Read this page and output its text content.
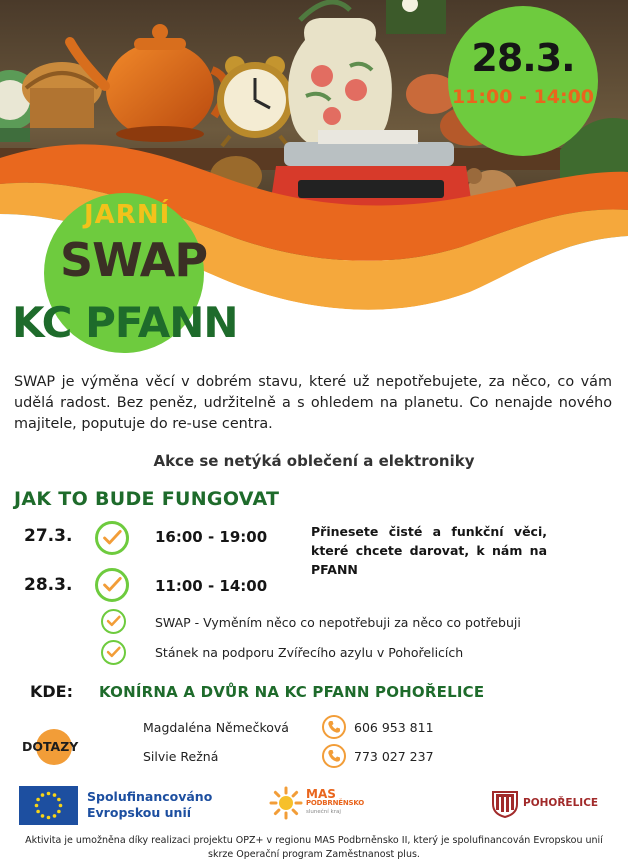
28.3.
11:00 - 14:00
JARNÍ
SWAP
KC PFANN

SWAP je výměna věcí v dobrém stavu, které už nepotřebujete, za něco, co vám udělá radost. Bez peněz, udržitelně a s ohledem na planetu. Co nenajde nového majitele, poputuje do re-use centra.

Akce se netýká oblečení a elektroniky
JAK TO BUDE FUNGOVAT
27.3.	16:00 - 19:00	Přinesete čisté a funkční věci, které chcete darovat, k nám na PFANN
28.3.	11:00 - 14:00
SWAP - Vyměním něco co nepotřebuji za něco co potřebuji
Stánek na podporu Zvířecího azylu v Pohořelicích
KDE: KONÍRNA A DVŮR NA KC PFANN POHOŘELICE
DOTAZY
Magdaléna Němečková	606 953 811
Silvie Režná	773 027 237
Spolufinancováno
Evropskou unií
MAS
PODBRNĚNSKO
sluneční kraj
POHOŘELICE
Aktivita je umožněna díky realizaci projektu OPZ+ v regionu MAS Podbrněnsko II, který je spolufinancován Evropskou unií
skrze Operační program Zaměstnanost plus.
